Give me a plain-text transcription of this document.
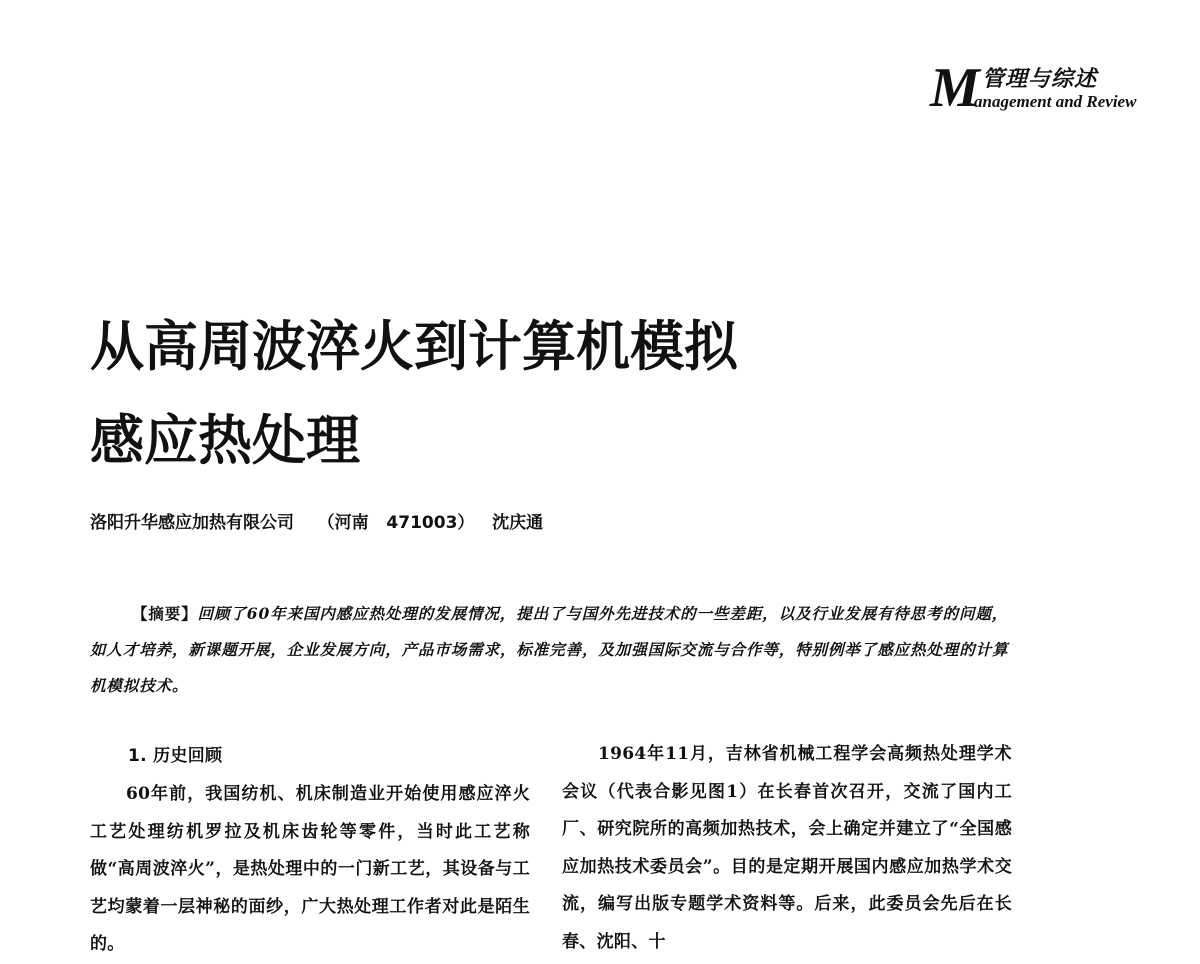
M 管理与综述
anagement and Review
从高周波淬火到计算机模拟
感应热处理
洛阳升华感应加热有限公司    （河南   471003）   沈庆通

【摘要】回顾了60年来国内感应热处理的发展情况，提出了与国外先进技术的一些差距，以及行业发展有待思考的问题，如人才培养，新课题开展，企业发展方向，产品市场需求，标准完善，及加强国际交流与合作等，特别例举了感应热处理的计算机模拟技术。

1. 历史回顾

60年前，我国纺机、机床制造业开始使用感应淬火工艺处理纺机罗拉及机床齿轮等零件，当时此工艺称做“高周波淬火”，是热处理中的一门新工艺，其设备与工艺均蒙着一层神秘的面纱，广大热处理工作者对此是陌生的。

1964年11月，吉林省机械工程学会高频热处理学术会议（代表合影见图1）在长春首次召开，交流了国内工厂、研究院所的高频加热技术，会上确定并建立了“全国感应加热技术委员会”。目的是定期开展国内感应加热学术交流，编写出版专题学术资料等。后来，此委员会先后在长春、沈阳、十
